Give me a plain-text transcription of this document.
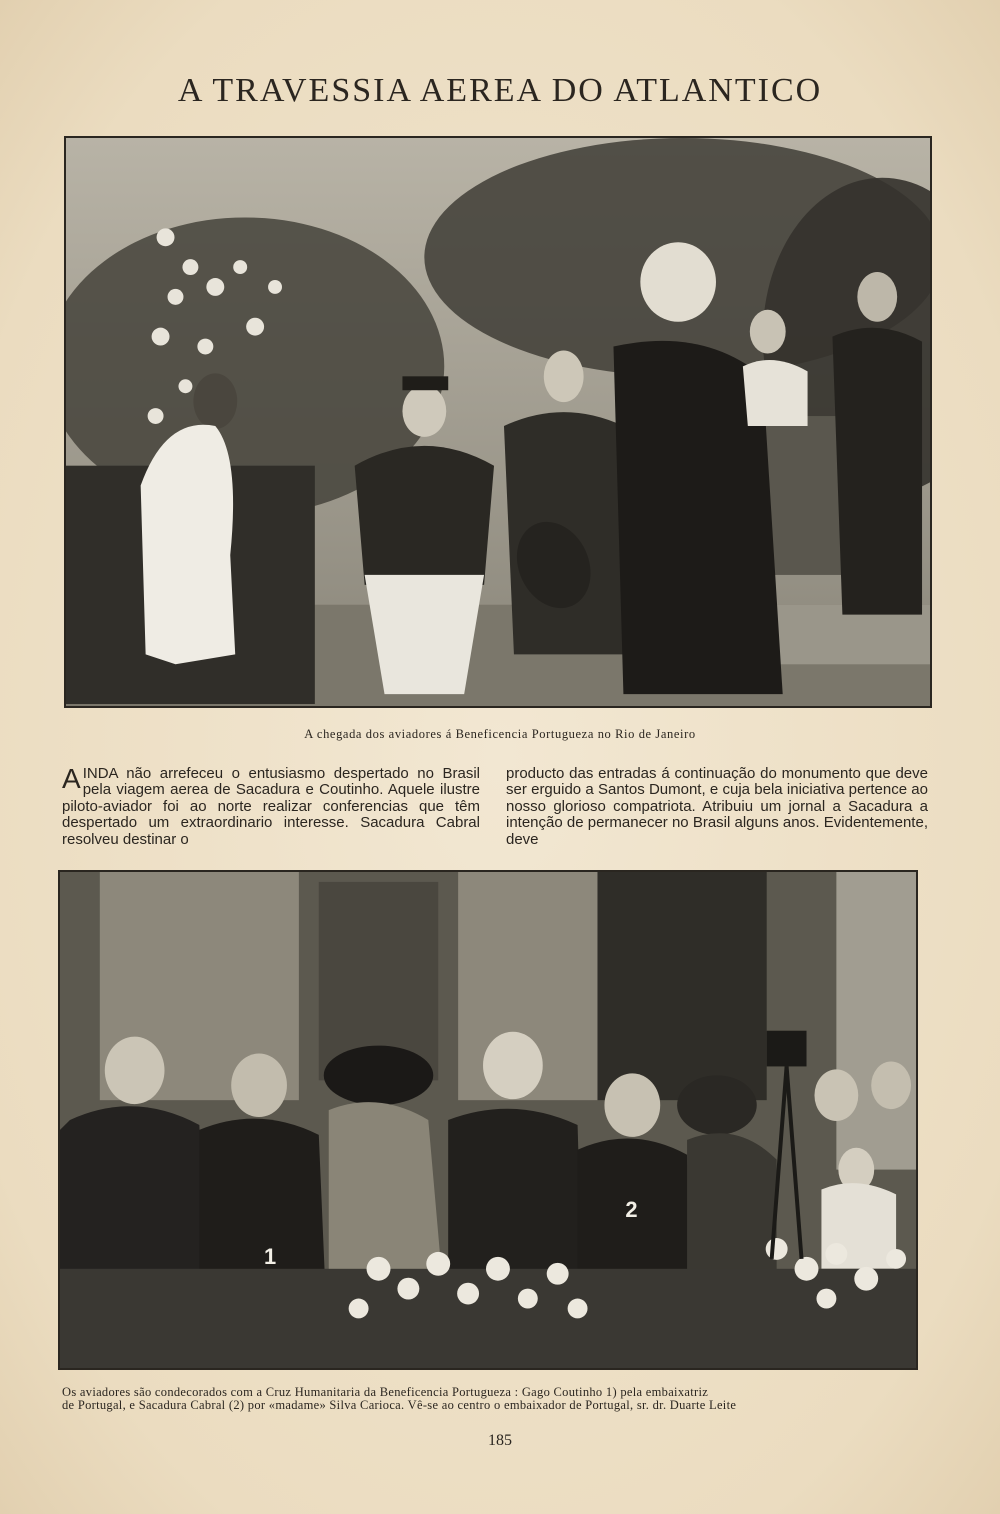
A TRAVESSIA AEREA DO ATLANTICO
A chegada dos aviadores á Beneficencia Portugueza no Rio de Janeiro

AINDA não arrefeceu o entusiasmo despertado no Brasil pela viagem aerea de Sacadura e Coutinho. Aquele ilustre piloto-aviador foi ao norte realizar conferencias que têm despertado um extraordinario interesse. Sacadura Cabral resolveu destinar o

producto das entradas á continuação do monumento que deve ser erguido a Santos Dumont, e cuja bela iniciativa pertence ao nosso glorioso compatriota. Atribuiu um jornal a Sacadura a intenção de permanecer no Brasil alguns anos. Evidentemente, deve

1
2

Os aviadores são condecorados com a Cruz Humanitaria da Beneficencia Portugueza : Gago Coutinho 1) pela embaixatriz

de Portugal, e Sacadura Cabral (2) por «madame» Silva Carioca. Vê-se ao centro o embaixador de Portugal, sr. dr. Duarte Leite

185
